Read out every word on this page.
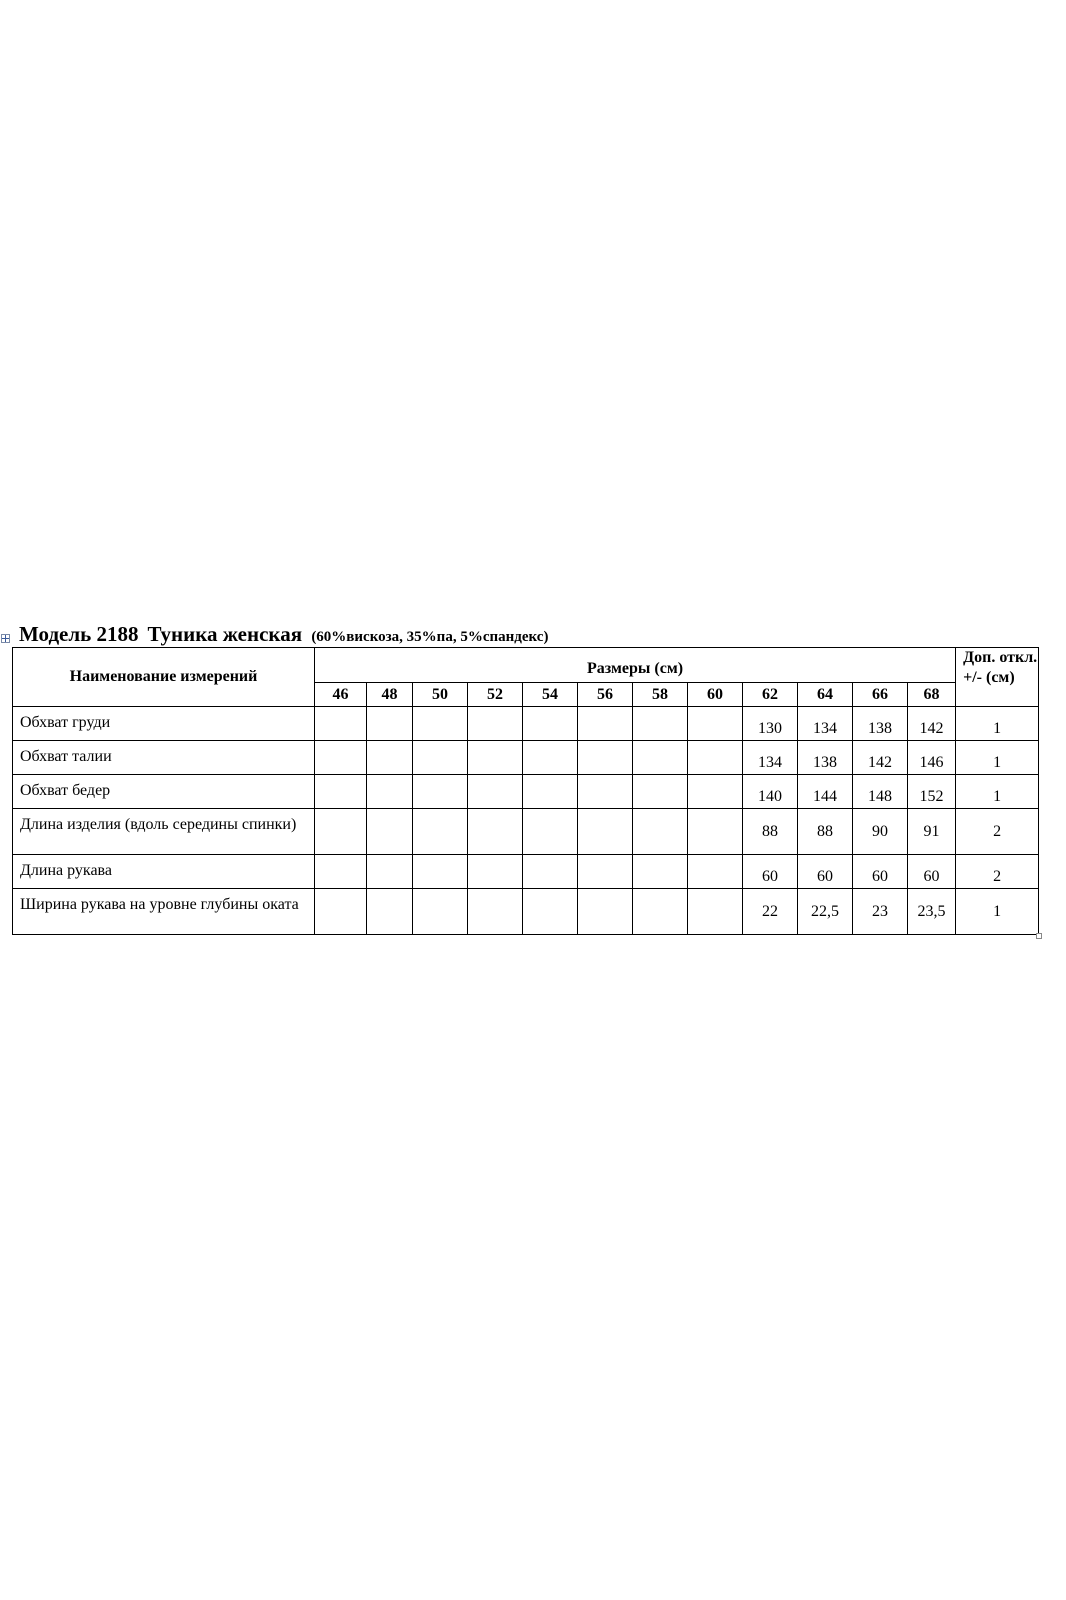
Модель 2188 Туника женская (60%вискоза, 35%па, 5%спандекс)
Наименование измерений	Размеры (см)												Доп. откл. +/- (см)
	46	48	50	52	54	56	58	60	62	64	66	68	
Обхват груди									130	134	138	142	1
Обхват талии									134	138	142	146	1
Обхват бедер									140	144	148	152	1
Длина изделия (вдоль середины спинки)									88	88	90	91	2
Длина рукава									60	60	60	60	2
Ширина рукава на уровне глубины оката									22	22,5	23	23,5	1
